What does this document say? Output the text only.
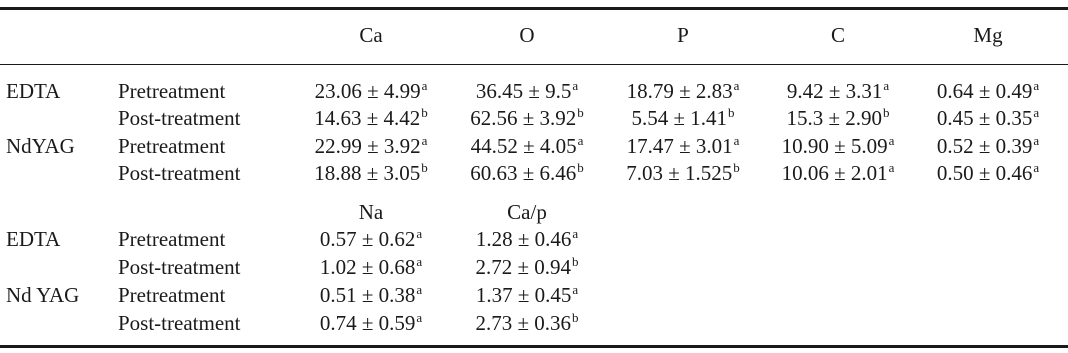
Ca	O	P	C	Mg
EDTA	Pretreatment	23.06 ± 4.99$^a$ 36.45 ± 9.5$^a$ 18.79 ± 2.83$^a$ 9.42 ± 3.31$^a$ 0.64 ± 0.49$^a$
Post-treatment	14.63 ± 4.42$^b$ 62.56 ± 3.92$^b$ 5.54 ± 1.41$^b$ 15.3 ± 2.90$^b$ 0.45 ± 0.35$^a$
NdYAG Pretreatment	22.99 ± 3.92$^a$ 44.52 ± 4.05$^a$ 17.47 ± 3.01$^a$ 10.90 ± 5.09$^a$ 0.52 ± 0.39$^a$
Post-treatment	18.88 ± 3.05$^b$ 60.63 ± 6.46$^b$ 7.03 ± 1.525$^b$ 10.06 ± 2.01$^a$ 0.50 ± 0.46$^a$
Na	Ca/p
EDTA	Pretreatment	0.57 ± 0.62$^a$	1.28 ± 0.46$^a$
Post-treatment	1.02 ± 0.68$^a$	2.72 ± 0.94$^b$
Nd YAG Pretreatment	0.51 ± 0.38$^a$	1.37 ± 0.45$^a$
Post-treatment	0.74 ± 0.59$^a$	2.73 ± 0.36$^b$
